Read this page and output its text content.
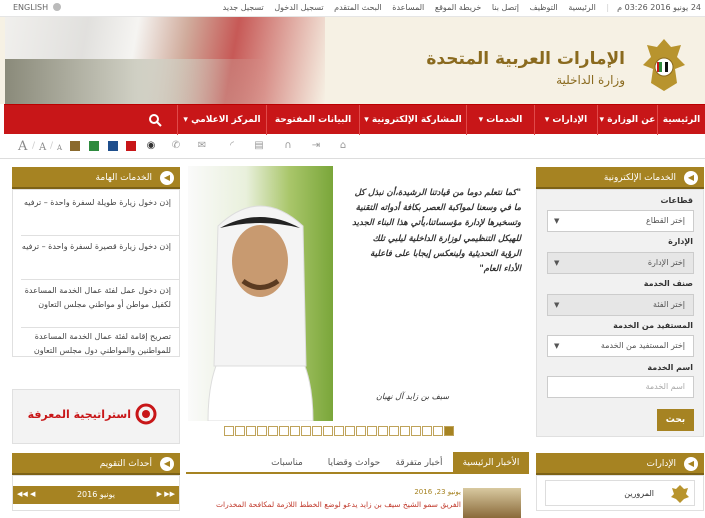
ENGLISH	24 يونيو 2016 03:26 م| الرئيسية التوظيف إتصل بنا خريطة الموقع المساعدة البحث المتقدم تسجيل الدخول تسجيل جديد
الإمارات العربية المتحدة
وزارة الداخلية
الرئيسية
عن الوزارة ▾
الإدارات ▾
الخدمات ▾
المشاركة الإلكترونية ▾
البيانات المفتوحة
المركز الاعلامي ▾
A / A / A	◉ ✆ ✉	◜	▤ ∩ ⇥ ⌂
الخدمات الهامة	◀
إذن دخول زيارة طويلة لسفرة واحدة – ترفيه
إذن دخول زيارة قصيرة لسفرة واحدة – ترفيه
إذن دخول عمل لفئة عمال الخدمة المساعدة لكفيل مواطن أو مواطني مجلس التعاون
تصريح إقامة لفئة عمال الخدمة المساعدة للمواطنين والمواطني دول مجلس التعاون
استراتيجية المعرفة
"كما نتعلم دوما من قيادتنا الرشيدة،أن نبذل كل ما في وسعنا لمواكبة العصر بكافة أدواته التقنية وتسخيرها لإدارة مؤسساتنا،يأتي هذا البناء الجديد للهيكل التنظيمي لوزارة الداخلية ليلبي تلك الرؤية التحديثية ولينعكس إيجابا على فاعلية الأداء العام"
سيف بن زايد آل نهيان
الأخبار الرئيسية
أخبار متفرقة
حوادث وقضايا
مناسبات
يونيو 23, 2016
الفريق سمو الشيخ سيف بن زايد يدعو لوضع الخطط اللازمة لمكافحة المخدرات
أحداث التقويم	◀
يونيو 2016
◀◀ ◀	▶ ▶▶
الخدمات الإلكترونية	◀
قطاعات
إختر القطاع
▼
الإدارة
إختر الإدارة
▼
صنف الخدمة
إختر الفئة
▼
المستفيد من الخدمة
إختر المستفيد من الخدمة
▼
اسم الخدمة
اسم الخدمة
بحث
الإدارات	◀
المرورين
